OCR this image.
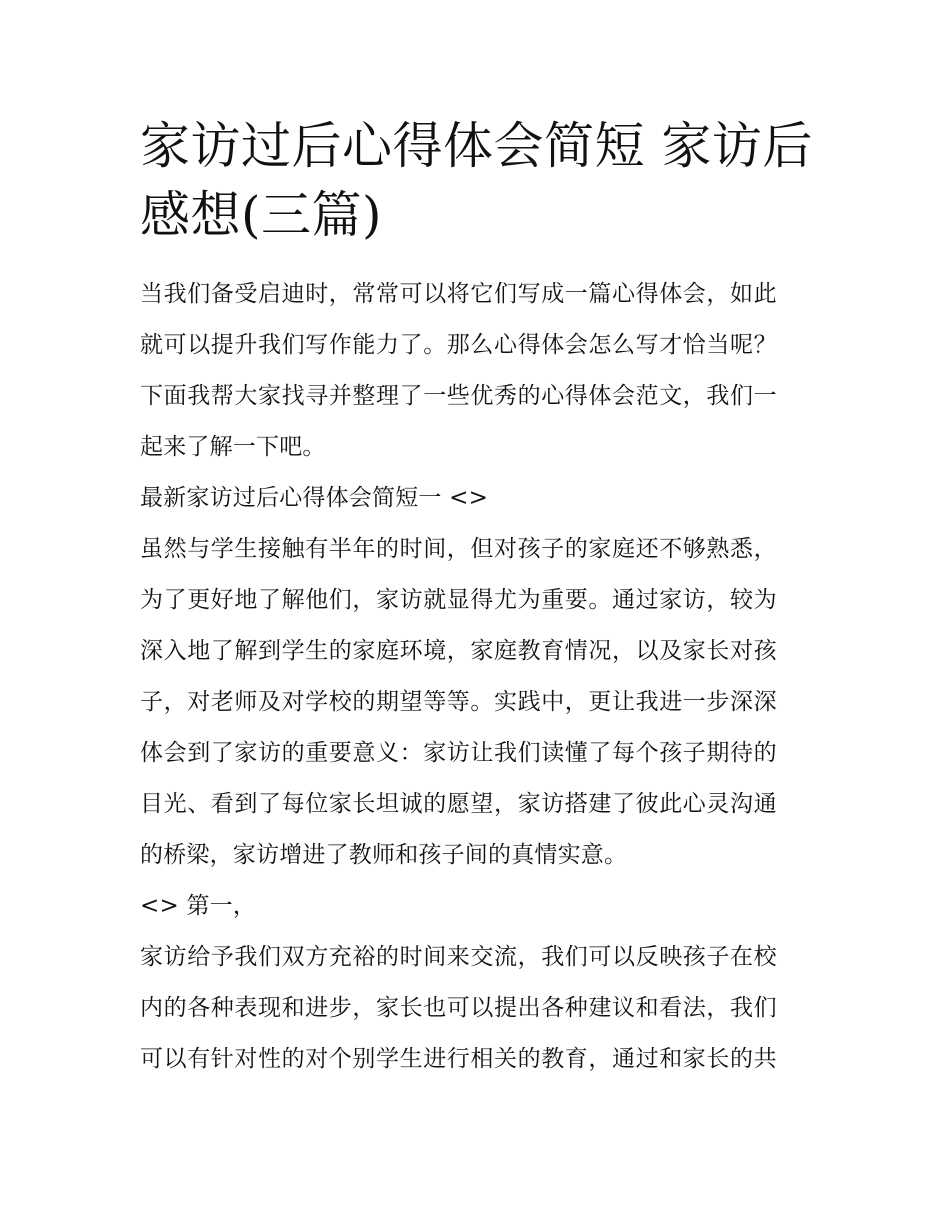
家访过后心得体会简短 家访后
感想(三篇)
当我们备受启迪时，常常可以将它们写成一篇心得体会，如此
就可以提升我们写作能力了。那么心得体会怎么写才恰当呢？
下面我帮大家找寻并整理了一些优秀的心得体会范文，我们一
起来了解一下吧。
最新家访过后心得体会简短一 <>
虽然与学生接触有半年的时间，但对孩子的家庭还不够熟悉，
为了更好地了解他们，家访就显得尤为重要。通过家访，较为
深入地了解到学生的家庭环境，家庭教育情况，以及家长对孩
子，对老师及对学校的期望等等。实践中，更让我进一步深深
体会到了家访的重要意义：家访让我们读懂了每个孩子期待的
目光、看到了每位家长坦诚的愿望，家访搭建了彼此心灵沟通
的桥梁，家访增进了教师和孩子间的真情实意。
<> 第一，
家访给予我们双方充裕的时间来交流，我们可以反映孩子在校
内的各种表现和进步，家长也可以提出各种建议和看法，我们
可以有针对性的对个别学生进行相关的教育，通过和家长的共
